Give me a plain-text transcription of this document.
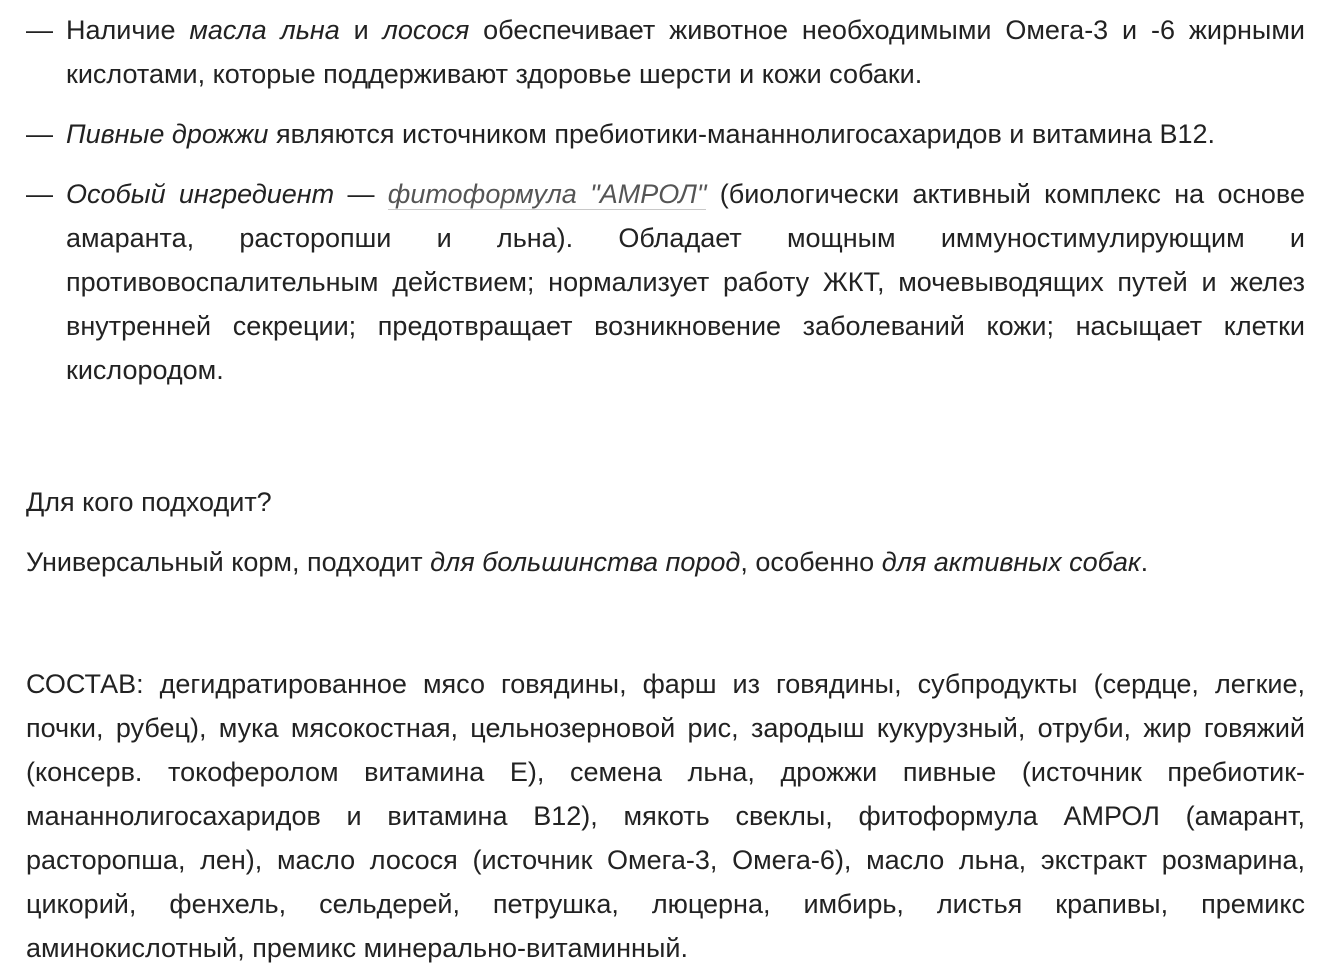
— Наличие масла льна и лосося обеспечивает животное необходимыми Омега-3 и -6 жирными кислотами, которые поддерживают здоровье шерсти и кожи собаки.
— Пивные дрожжи являются источником пребиотики-мананнолигосахаридов и витамина B12.
— Особый ингредиент — фитоформула "АМРОЛ" (биологически активный комплекс на основе амаранта, расторопши и льна). Обладает мощным иммуностимулирующим и противовоспалительным действием; нормализует работу ЖКТ, мочевыводящих путей и желез внутренней секреции; предотвращает возникновение заболеваний кожи; насыщает клетки кислородом.

Для кого подходит?

Универсальный корм, подходит для большинства пород, особенно для активных собак.

СОСТАВ: дегидратированное мясо говядины, фарш из говядины, субпродукты (сердце, легкие, почки, рубец), мука мясокостная, цельнозерновой рис, зародыш кукурузный, отруби, жир говяжий (консерв. токоферолом витамина Е), семена льна, дрожжи пивные (источник пребиотик-мананнолигосахаридов и витамина B12), мякоть свеклы, фитоформула АМРОЛ (амарант, расторопша, лен), масло лосося (источник Омега-3, Омега-6), масло льна, экстракт розмарина, цикорий, фенхель, сельдерей, петрушка, люцерна, имбирь, листья крапивы, премикс аминокислотный, премикс минерально-витаминный.
